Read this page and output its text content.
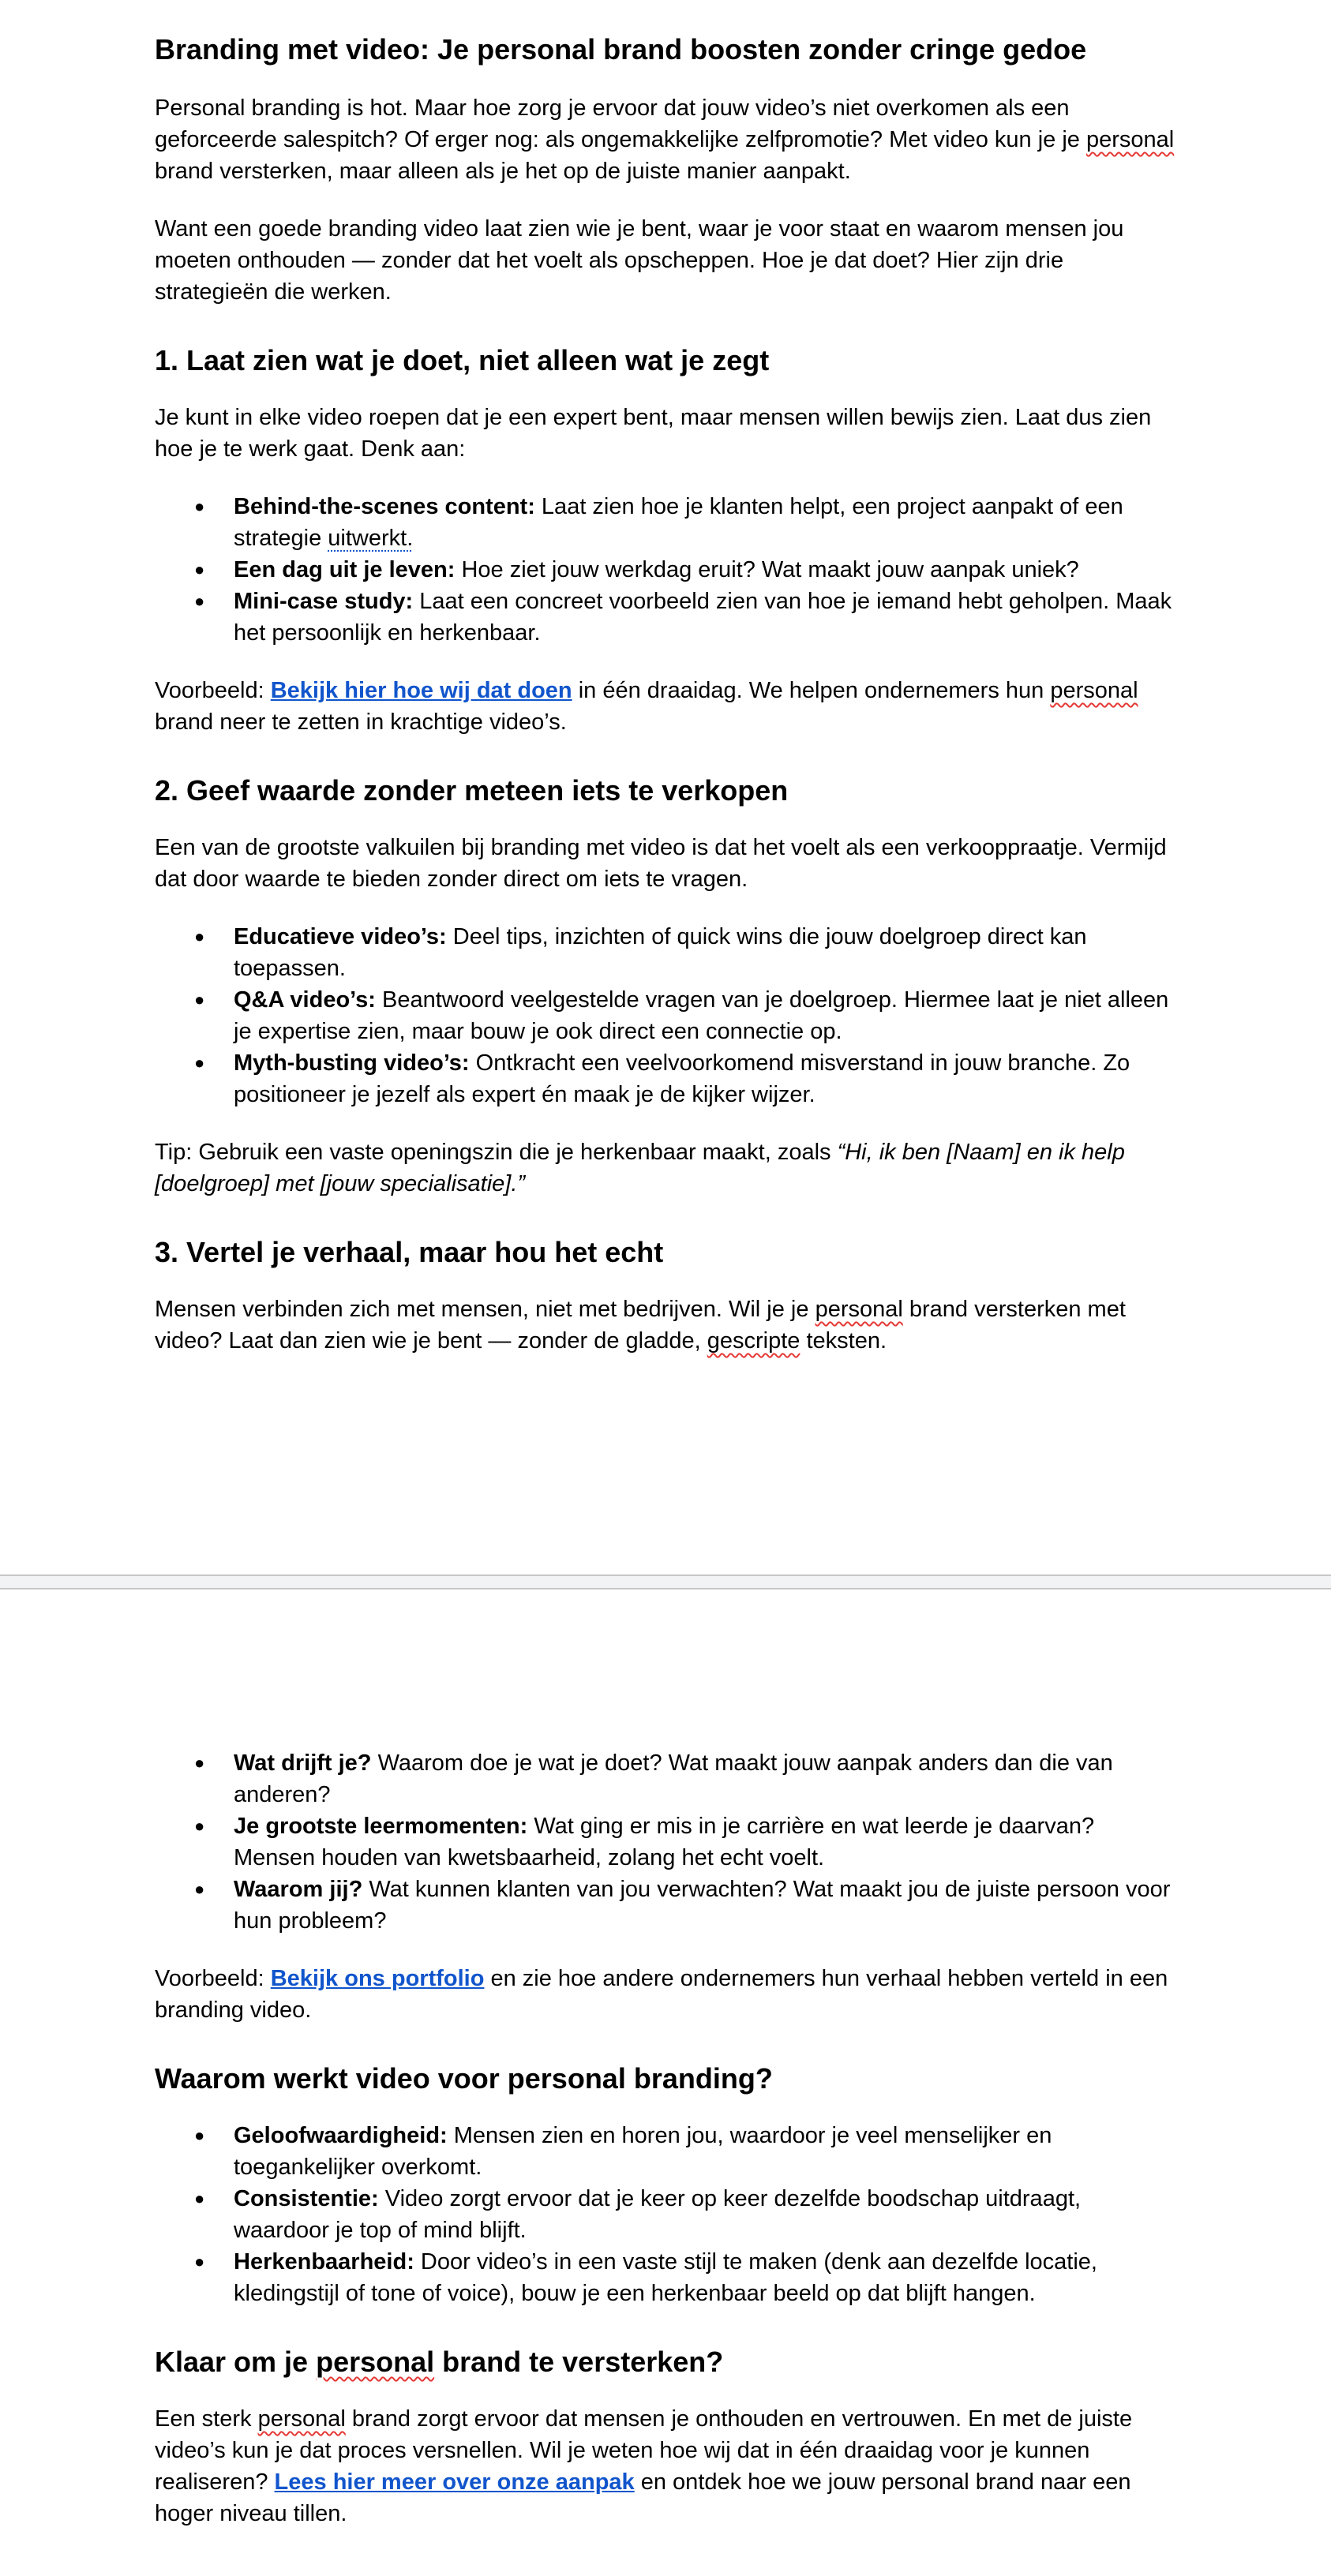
Branding met video: Je personal brand boosten zonder cringe gedoe

Personal branding is hot. Maar hoe zorg je ervoor dat jouw video’s niet overkomen als een geforceerde salespitch? Of erger nog: als ongemakkelijke zelfpromotie? Met video kun je je personal brand versterken, maar alleen als je het op de juiste manier aanpakt.

Want een goede branding video laat zien wie je bent, waar je voor staat en waarom mensen jou moeten onthouden — zonder dat het voelt als opscheppen. Hoe je dat doet? Hier zijn drie strategieën die werken.

1. Laat zien wat je doet, niet alleen wat je zegt

Je kunt in elke video roepen dat je een expert bent, maar mensen willen bewijs zien. Laat dus zien hoe je te werk gaat. Denk aan:

● Behind-the-scenes content: Laat zien hoe je klanten helpt, een project aanpakt of een strategie uitwerkt.
● Een dag uit je leven: Hoe ziet jouw werkdag eruit? Wat maakt jouw aanpak uniek?
● Mini-case study: Laat een concreet voorbeeld zien van hoe je iemand hebt geholpen. Maak het persoonlijk en herkenbaar.

Voorbeeld: Bekijk hier hoe wij dat doen in één draaidag. We helpen ondernemers hun personal brand neer te zetten in krachtige video’s.

2. Geef waarde zonder meteen iets te verkopen

Een van de grootste valkuilen bij branding met video is dat het voelt als een verkooppraatje. Vermijd dat door waarde te bieden zonder direct om iets te vragen.

● Educatieve video’s: Deel tips, inzichten of quick wins die jouw doelgroep direct kan toepassen.
● Q&A video’s: Beantwoord veelgestelde vragen van je doelgroep. Hiermee laat je niet alleen je expertise zien, maar bouw je ook direct een connectie op.
● Myth-busting video’s: Ontkracht een veelvoorkomend misverstand in jouw branche. Zo positioneer je jezelf als expert én maak je de kijker wijzer.

Tip: Gebruik een vaste openingszin die je herkenbaar maakt, zoals “Hi, ik ben [Naam] en ik help [doelgroep] met [jouw specialisatie].”

3. Vertel je verhaal, maar hou het echt

Mensen verbinden zich met mensen, niet met bedrijven. Wil je je personal brand versterken met video? Laat dan zien wie je bent — zonder de gladde, gescripte teksten.

● Wat drijft je? Waarom doe je wat je doet? Wat maakt jouw aanpak anders dan die van anderen?
● Je grootste leermomenten: Wat ging er mis in je carrière en wat leerde je daarvan? Mensen houden van kwetsbaarheid, zolang het echt voelt.
● Waarom jij? Wat kunnen klanten van jou verwachten? Wat maakt jou de juiste persoon voor hun probleem?

Voorbeeld: Bekijk ons portfolio en zie hoe andere ondernemers hun verhaal hebben verteld in een branding video.

Waarom werkt video voor personal branding?
● Geloofwaardigheid: Mensen zien en horen jou, waardoor je veel menselijker en toegankelijker overkomt.
● Consistentie: Video zorgt ervoor dat je keer op keer dezelfde boodschap uitdraagt, waardoor je top of mind blijft.
● Herkenbaarheid: Door video’s in een vaste stijl te maken (denk aan dezelfde locatie, kledingstijl of tone of voice), bouw je een herkenbaar beeld op dat blijft hangen.
Klaar om je personal brand te versterken?

Een sterk personal brand zorgt ervoor dat mensen je onthouden en vertrouwen. En met de juiste video’s kun je dat proces versnellen. Wil je weten hoe wij dat in één draaidag voor je kunnen realiseren? Lees hier meer over onze aanpak en ontdek hoe we jouw personal brand naar een hoger niveau tillen.
